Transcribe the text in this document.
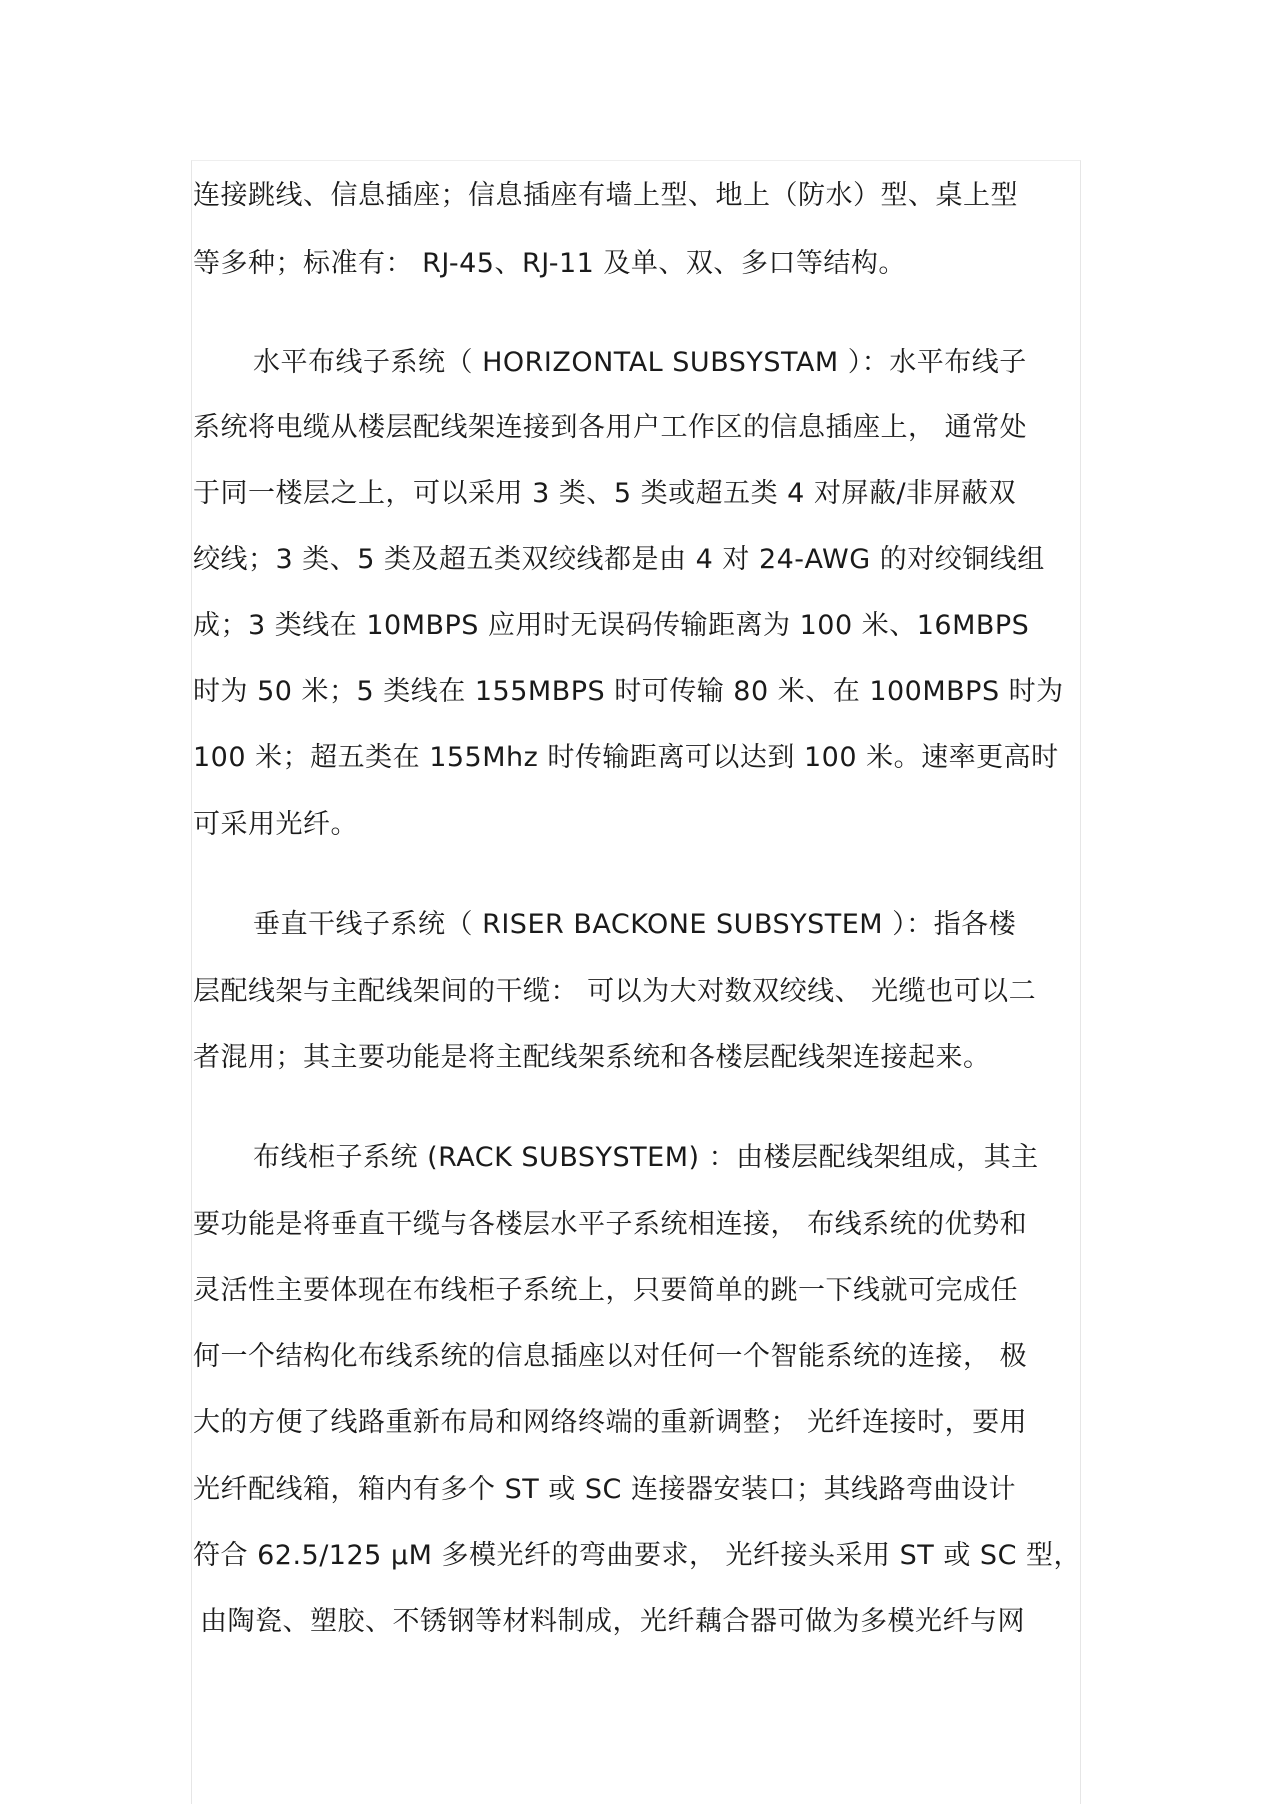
连接跳线、信息插座；信息插座有墙上型、地上（防水）型、桌上型
等多种；标准有： RJ-45、RJ-11 及单、双、多口等结构。
水平布线子系统（ HORIZONTAL SUBSYSTAM ）：水平布线子
系统将电缆从楼层配线架连接到各用户工作区的信息插座上， 通常处
于同一楼层之上，可以采用 3 类、5 类或超五类 4 对屏蔽/非屏蔽双
绞线；3 类、5 类及超五类双绞线都是由 4 对 24-AWG 的对绞铜线组
成；3 类线在 10MBPS 应用时无误码传输距离为 100 米、16MBPS
时为 50 米；5 类线在 155MBPS 时可传输 80 米、在 100MBPS 时为
100 米；超五类在 155Mhz 时传输距离可以达到 100 米。速率更高时
可采用光纤。
垂直干线子系统（ RISER BACKONE SUBSYSTEM ）：指各楼
层配线架与主配线架间的干缆： 可以为大对数双绞线、 光缆也可以二
者混用；其主要功能是将主配线架系统和各楼层配线架连接起来。
布线柜子系统 (RACK SUBSYSTEM) ：由楼层配线架组成，其主
要功能是将垂直干缆与各楼层水平子系统相连接， 布线系统的优势和
灵活性主要体现在布线柜子系统上，只要简单的跳一下线就可完成任
何一个结构化布线系统的信息插座以对任何一个智能系统的连接， 极
大的方便了线路重新布局和网络终端的重新调整； 光纤连接时，要用
光纤配线箱，箱内有多个 ST 或 SC 连接器安装口；其线路弯曲设计
符合 62.5/125 μM 多模光纤的弯曲要求， 光纤接头采用 ST 或 SC 型，
由陶瓷、塑胶、不锈钢等材料制成，光纤藕合器可做为多模光纤与网
